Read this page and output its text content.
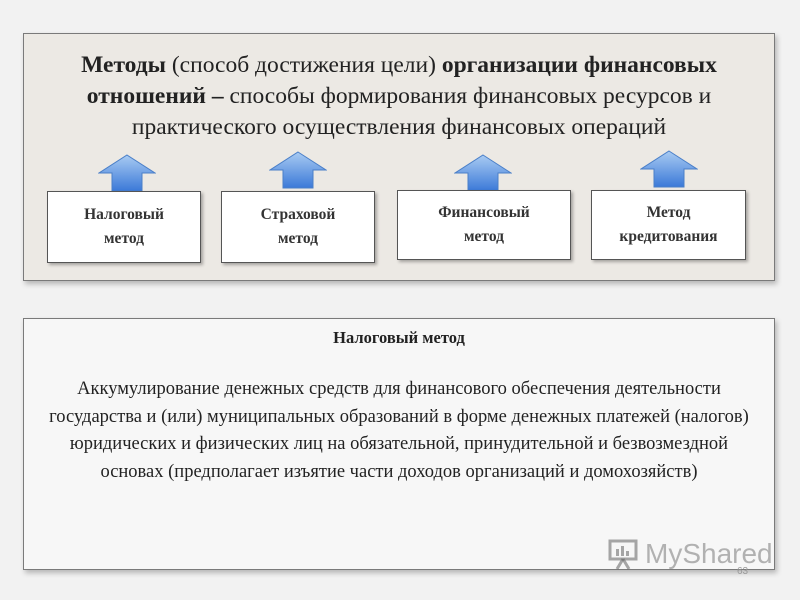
Методы (способ достижения цели) организации финансовых отношений – способы формирования финансовых ресурсов и практического осуществления финансовых операций

Налоговый
метод
Страховой
метод
Финансовый
метод
Метод
кредитования

Налоговый метод

Аккумулирование денежных средств для финансового обеспечения деятельности государства и (или) муниципальных образований в форме денежных платежей (налогов) юридических и физических лиц на обязательной, принудительной и безвозмездной основах (предполагает изъятие части доходов организаций и домохозяйств)

MyShared
63
